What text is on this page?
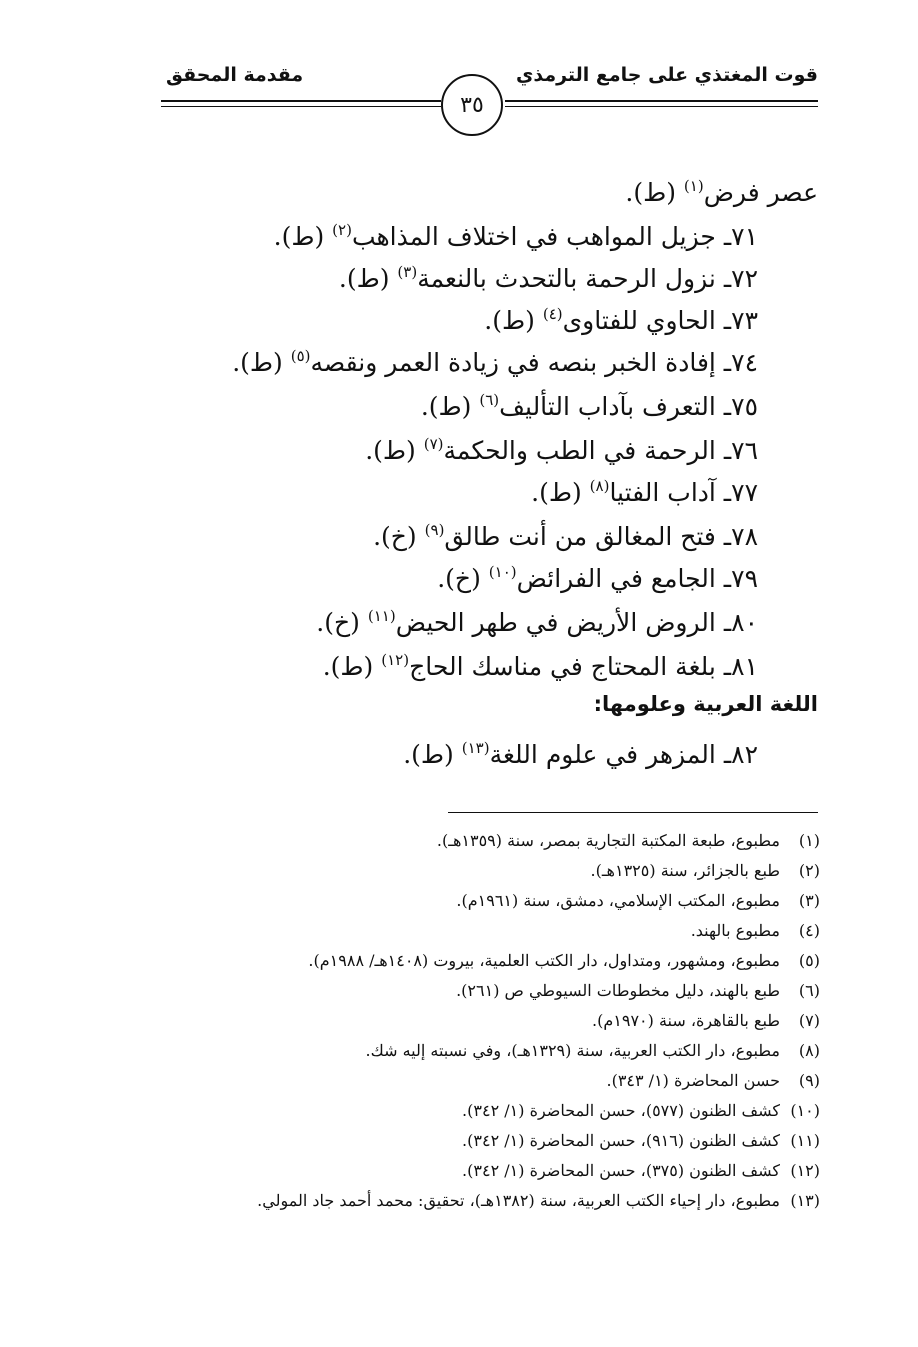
قوت المغتذي على جامع الترمذي
مقدمة المحقق
٣٥
عصر فرض$^{(١)}$ (ط).
٧١ـ جزيل المواهب في اختلاف المذاهب$^{(٢)}$ (ط).
٧٢ـ نزول الرحمة بالتحدث بالنعمة$^{(٣)}$ (ط).
٧٣ـ الحاوي للفتاوى$^{(٤)}$ (ط).
٧٤ـ إفادة الخبر بنصه في زيادة العمر ونقصه$^{(٥)}$ (ط).
٧٥ـ التعرف بآداب التأليف$^{(٦)}$ (ط).
٧٦ـ الرحمة في الطب والحكمة$^{(٧)}$ (ط).
٧٧ـ آداب الفتيا$^{(٨)}$ (ط).
٧٨ـ فتح المغالق من أنت طالق$^{(٩)}$ (خ).
٧٩ـ الجامع في الفرائض$^{(١٠)}$ (خ).
٨٠ـ الروض الأريض في طهر الحيض$^{(١١)}$ (خ).
٨١ـ بلغة المحتاج في مناسك الحاج$^{(١٢)}$ (ط).
اللغة العربية وعلومها:
٨٢ـ المزهر في علوم اللغة$^{(١٣)}$ (ط).
(١)مطبوع، طبعة المكتبة التجارية بمصر، سنة (١٣٥٩هـ).
(٢)طبع بالجزائر، سنة (١٣٢٥هـ).
(٣)مطبوع، المكتب الإسلامي، دمشق، سنة (١٩٦١م).
(٤)مطبوع بالهند.
(٥)مطبوع، ومشهور، ومتداول، دار الكتب العلمية، بيروت (١٤٠٨هـ/ ١٩٨٨م).
(٦)طبع بالهند، دليل مخطوطات السيوطي ص (٢٦١).
(٧)طبع بالقاهرة، سنة (١٩٧٠م).
(٨)مطبوع، دار الكتب العربية، سنة (١٣٢٩هـ)، وفي نسبته إليه شك.
(٩)حسن المحاضرة (١/ ٣٤٣).
(١٠)كشف الظنون (٥٧٧)، حسن المحاضرة (١/ ٣٤٢).
(١١)كشف الظنون (٩١٦)، حسن المحاضرة (١/ ٣٤٢).
(١٢)كشف الظنون (٣٧٥)، حسن المحاضرة (١/ ٣٤٢).
(١٣)مطبوع، دار إحياء الكتب العربية، سنة (١٣٨٢هـ)، تحقيق: محمد أحمد جاد المولي.
